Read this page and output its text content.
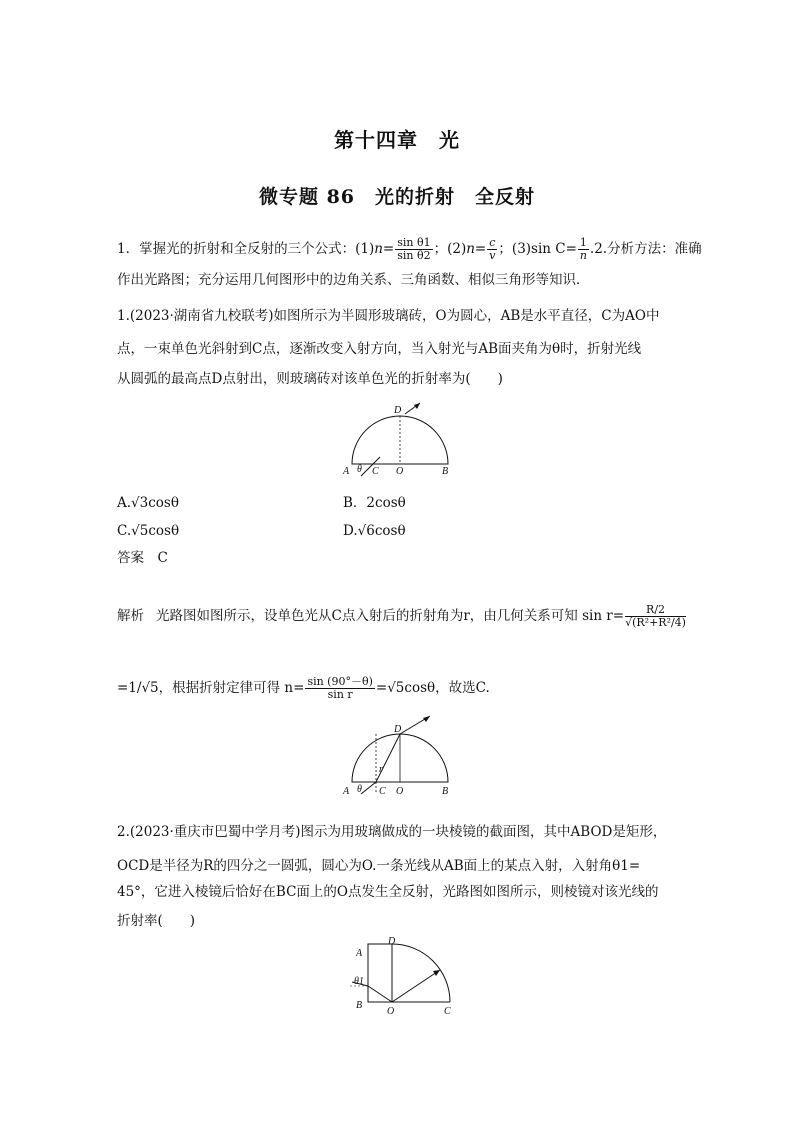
第十四章　光
微专题 86　光的折射　全反射
1．掌握光的折射和全反射的三个公式：$(1)n= \frac{\text{sin θ1}}{\text{sin θ2}}$ ；$(2)n= \frac{c}{v}$ ；(3)sin $C= \frac{1}{n} .2$.分析方法：准确
作出光路图；充分运用几何图形中的边角关系、三角函数、相似三角形等知识．
1.(2023·湖南省九校联考)如图所示为半圆形玻璃砖，O为圆心，AB是水平直径，C为AO中
点，一束单色光斜射到C点，逐渐改变入射方向，当入射光与AB面夹角为θ时，折射光线
从圆弧的最高点D点射出，则玻璃砖对该单色光的折射率为(　　)
A θ C O
D
B
A.√3cosθ	B．2cosθ
C.√5cosθ	D.√6cosθ
答案　C
解析 光路图如图所示，设单色光从C点入射后的折射角为r，由几何关系可知 $\sin r= \frac{R/2}{\text{√(R²+R²/4)}}$
=1/√5，根据折射定律可得 $n= \frac{\sin (90^\circ-\theta)}{\text{sin r}} =√5\cos\theta$，故选C.
A θ
r
C O
D
B
2.(2023·重庆市巴蜀中学月考)图示为用玻璃做成的一块棱镜的截面图，其中ABOD是矩形，
OCD是半径为R的四分之一圆弧，圆心为O.一条光线从AB面上的某点入射，入射角θ1=
45°，它进入棱镜后恰好在BC面上的O点发生全反射，光路图如图所示，则棱镜对该光线的
折射率(　　)
A
θ1
B
O
D
C
